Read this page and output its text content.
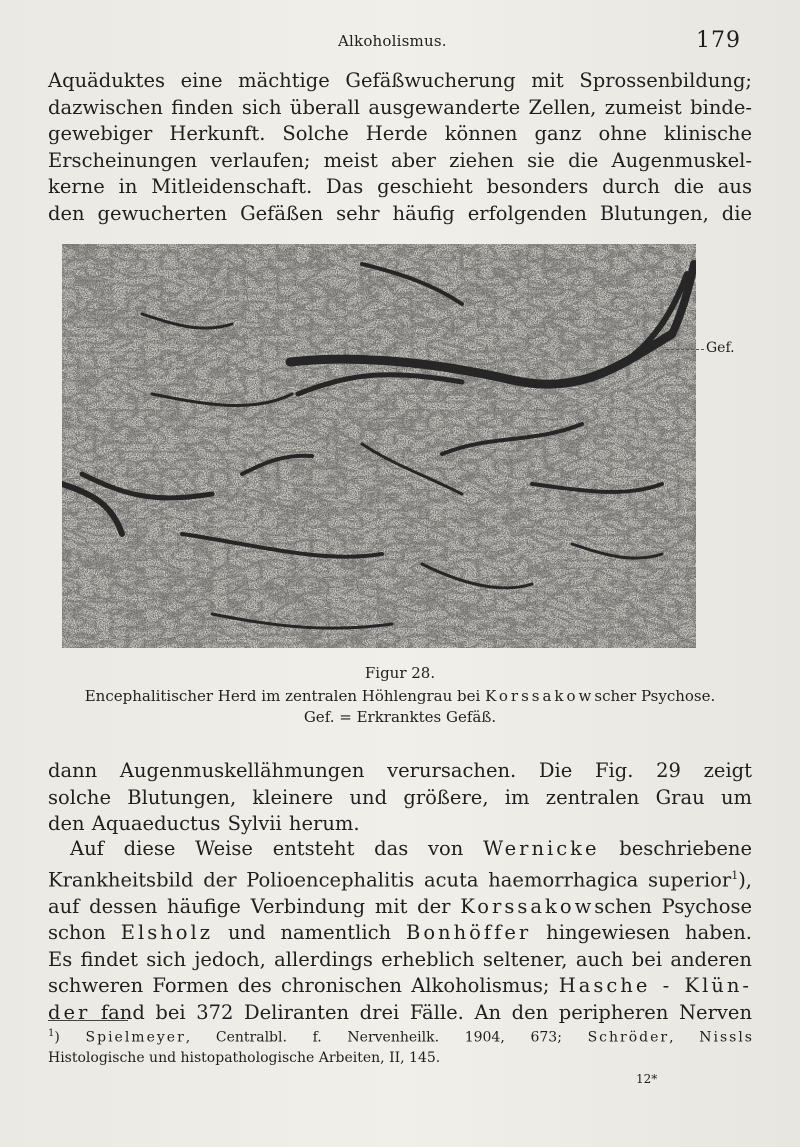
Alkoholismus.	179
Aquäduktes eine mächtige Gefäßwucherung mit Sprossenbildung;
dazwischen finden sich überall ausgewanderte Zellen, zumeist binde-
gewebiger Herkunft. Solche Herde können ganz ohne klinische
Erscheinungen verlaufen; meist aber ziehen sie die Augenmuskel-
kerne in Mitleidenschaft. Das geschieht besonders durch die aus
den gewucherten Gefäßen sehr häufig erfolgenden Blutungen, die
Gef.
Figur 28.
Encephalitischer Herd im zentralen Höhlengrau bei Korssakowscher Psychose.
Gef. = Erkranktes Gefäß.
dann Augenmuskellähmungen verursachen. Die Fig. 29 zeigt
solche Blutungen, kleinere und größere, im zentralen Grau um
den Aquaeductus Sylvii herum.
Auf diese Weise entsteht das von Wernicke beschriebene
Krankheitsbild der Polioencephalitis acuta haemorrhagica superior$^1$),
auf dessen häufige Verbindung mit der Korssakowschen Psychose
schon Elsholz und namentlich Bonhöffer hingewiesen haben.
Es findet sich jedoch, allerdings erheblich seltener, auch bei anderen
schweren Formen des chronischen Alkoholismus; Hasche - Klün-
der fand bei 372 Deliranten drei Fälle. An den peripheren Nerven
$^1$) Spielmeyer, Centralbl. f. Nervenheilk. 1904, 673; Schröder, Nissls
Histologische und histopathologische Arbeiten, II, 145.
12*
